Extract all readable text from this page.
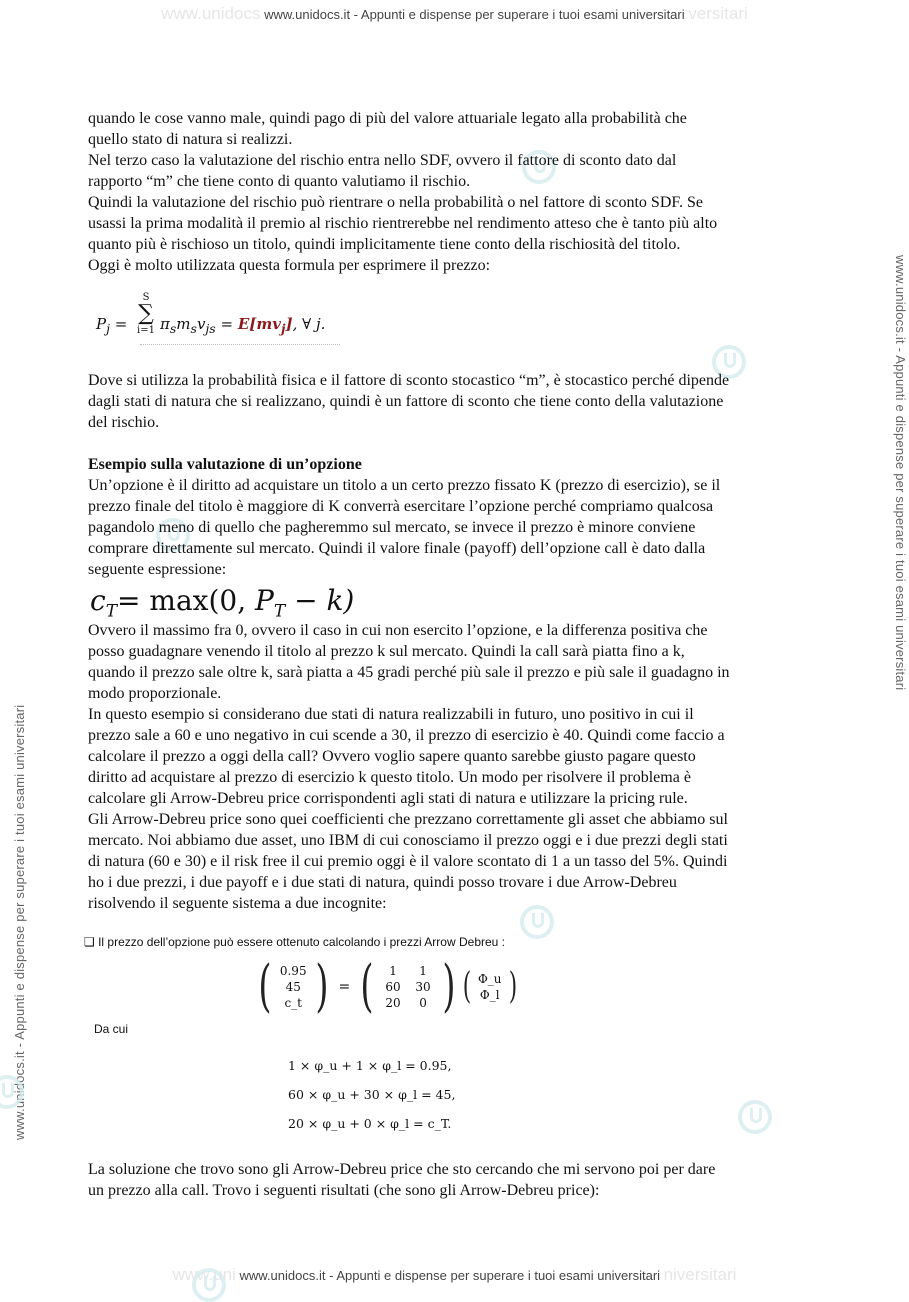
www.unidocs www.unidocs.it - Appunti e dispense per superare i tuoi esami universitari versitari
www.uni www.unidocs.it - Appunti e dispense per superare i tuoi esami universitari niversitari
www.unidocs.it - Appunti e dispense per superare i tuoi esami universitari
www.unidocs.it - Appunti e dispense per superare i tuoi esami universitari

quando le cose vanno male, quindi pago di più del valore attuariale legato alla probabilità che

quello stato di natura si realizzi.

Nel terzo caso la valutazione del rischio entra nello SDF, ovvero il fattore di sconto dato dal

rapporto “m” che tiene conto di quanto valutiamo il rischio.

Quindi la valutazione del rischio può rientrare o nella probabilità o nel fattore di sconto SDF. Se

usassi la prima modalità il premio al rischio rientrerebbe nel rendimento atteso che è tanto più alto

quanto più è rischioso un titolo, quindi implicitamente tiene conto della rischiosità del titolo.

Oggi è molto utilizzata questa formula per esprimere il prezzo:

$P_j$ =
S
∑
i=1 $\pi_sm_sv_{js} = E[mv_j]$, ∀ j.

Dove si utilizza la probabilità fisica e il fattore di sconto stocastico “m”, è stocastico perché dipende

dagli stati di natura che si realizzano, quindi è un fattore di sconto che tiene conto della valutazione

del rischio.

Esempio sulla valutazione di un’opzione

Un’opzione è il diritto ad acquistare un titolo a un certo prezzo fissato K (prezzo di esercizio), se il

prezzo finale del titolo è maggiore di K converrà esercitare l’opzione perché compriamo qualcosa

pagandolo meno di quello che pagheremmo sul mercato, se invece il prezzo è minore conviene

comprare direttamente sul mercato. Quindi il valore finale (payoff) dell’opzione call è dato dalla

seguente espressione:

$c_T= \max(0$, $P_T - k$)

Ovvero il massimo fra 0, ovvero il caso in cui non esercito l’opzione, e la differenza positiva che

posso guadagnare venendo il titolo al prezzo k sul mercato. Quindi la call sarà piatta fino a k,

quando il prezzo sale oltre k, sarà piatta a 45 gradi perché più sale il prezzo e più sale il guadagno in

modo proporzionale.

In questo esempio si considerano due stati di natura realizzabili in futuro, uno positivo in cui il

prezzo sale a 60 e uno negativo in cui scende a 30, il prezzo di esercizio è 40. Quindi come faccio a

calcolare il prezzo a oggi della call? Ovvero voglio sapere quanto sarebbe giusto pagare questo

diritto ad acquistare al prezzo di esercizio k questo titolo. Un modo per risolvere il problema è

calcolare gli Arrow-Debreu price corrispondenti agli stati di natura e utilizzare la pricing rule.

Gli Arrow-Debreu price sono quei coefficienti che prezzano correttamente gli asset che abbiamo sul

mercato. Noi abbiamo due asset, uno IBM di cui conosciamo il prezzo oggi e i due prezzi degli stati

di natura (60 e 30) e il risk free il cui premio oggi è il valore scontato di 1 a un tasso del 5%. Quindi

ho i due prezzi, i due payoff e i due stati di natura, quindi posso trovare i due Arrow-Debreu

risolvendo il seguente sistema a due incognite:

❑ Il prezzo dell’opzione può essere ottenuto calcolando i prezzi Arrow Debreu :
( 0.95
45
c_t ) = (	1	1
60	30
20	0 ) ( Φ_u
Φ_l )
Da cui
1 × φ_u + 1 × φ_l = 0.95,
60 × φ_u + 30 × φ_l = 45,
20 × φ_u + 0 × φ_l = c_T.

La soluzione che trovo sono gli Arrow-Debreu price che sto cercando che mi servono poi per dare

un prezzo alla call. Trovo i seguenti risultati (che sono gli Arrow-Debreu price):
